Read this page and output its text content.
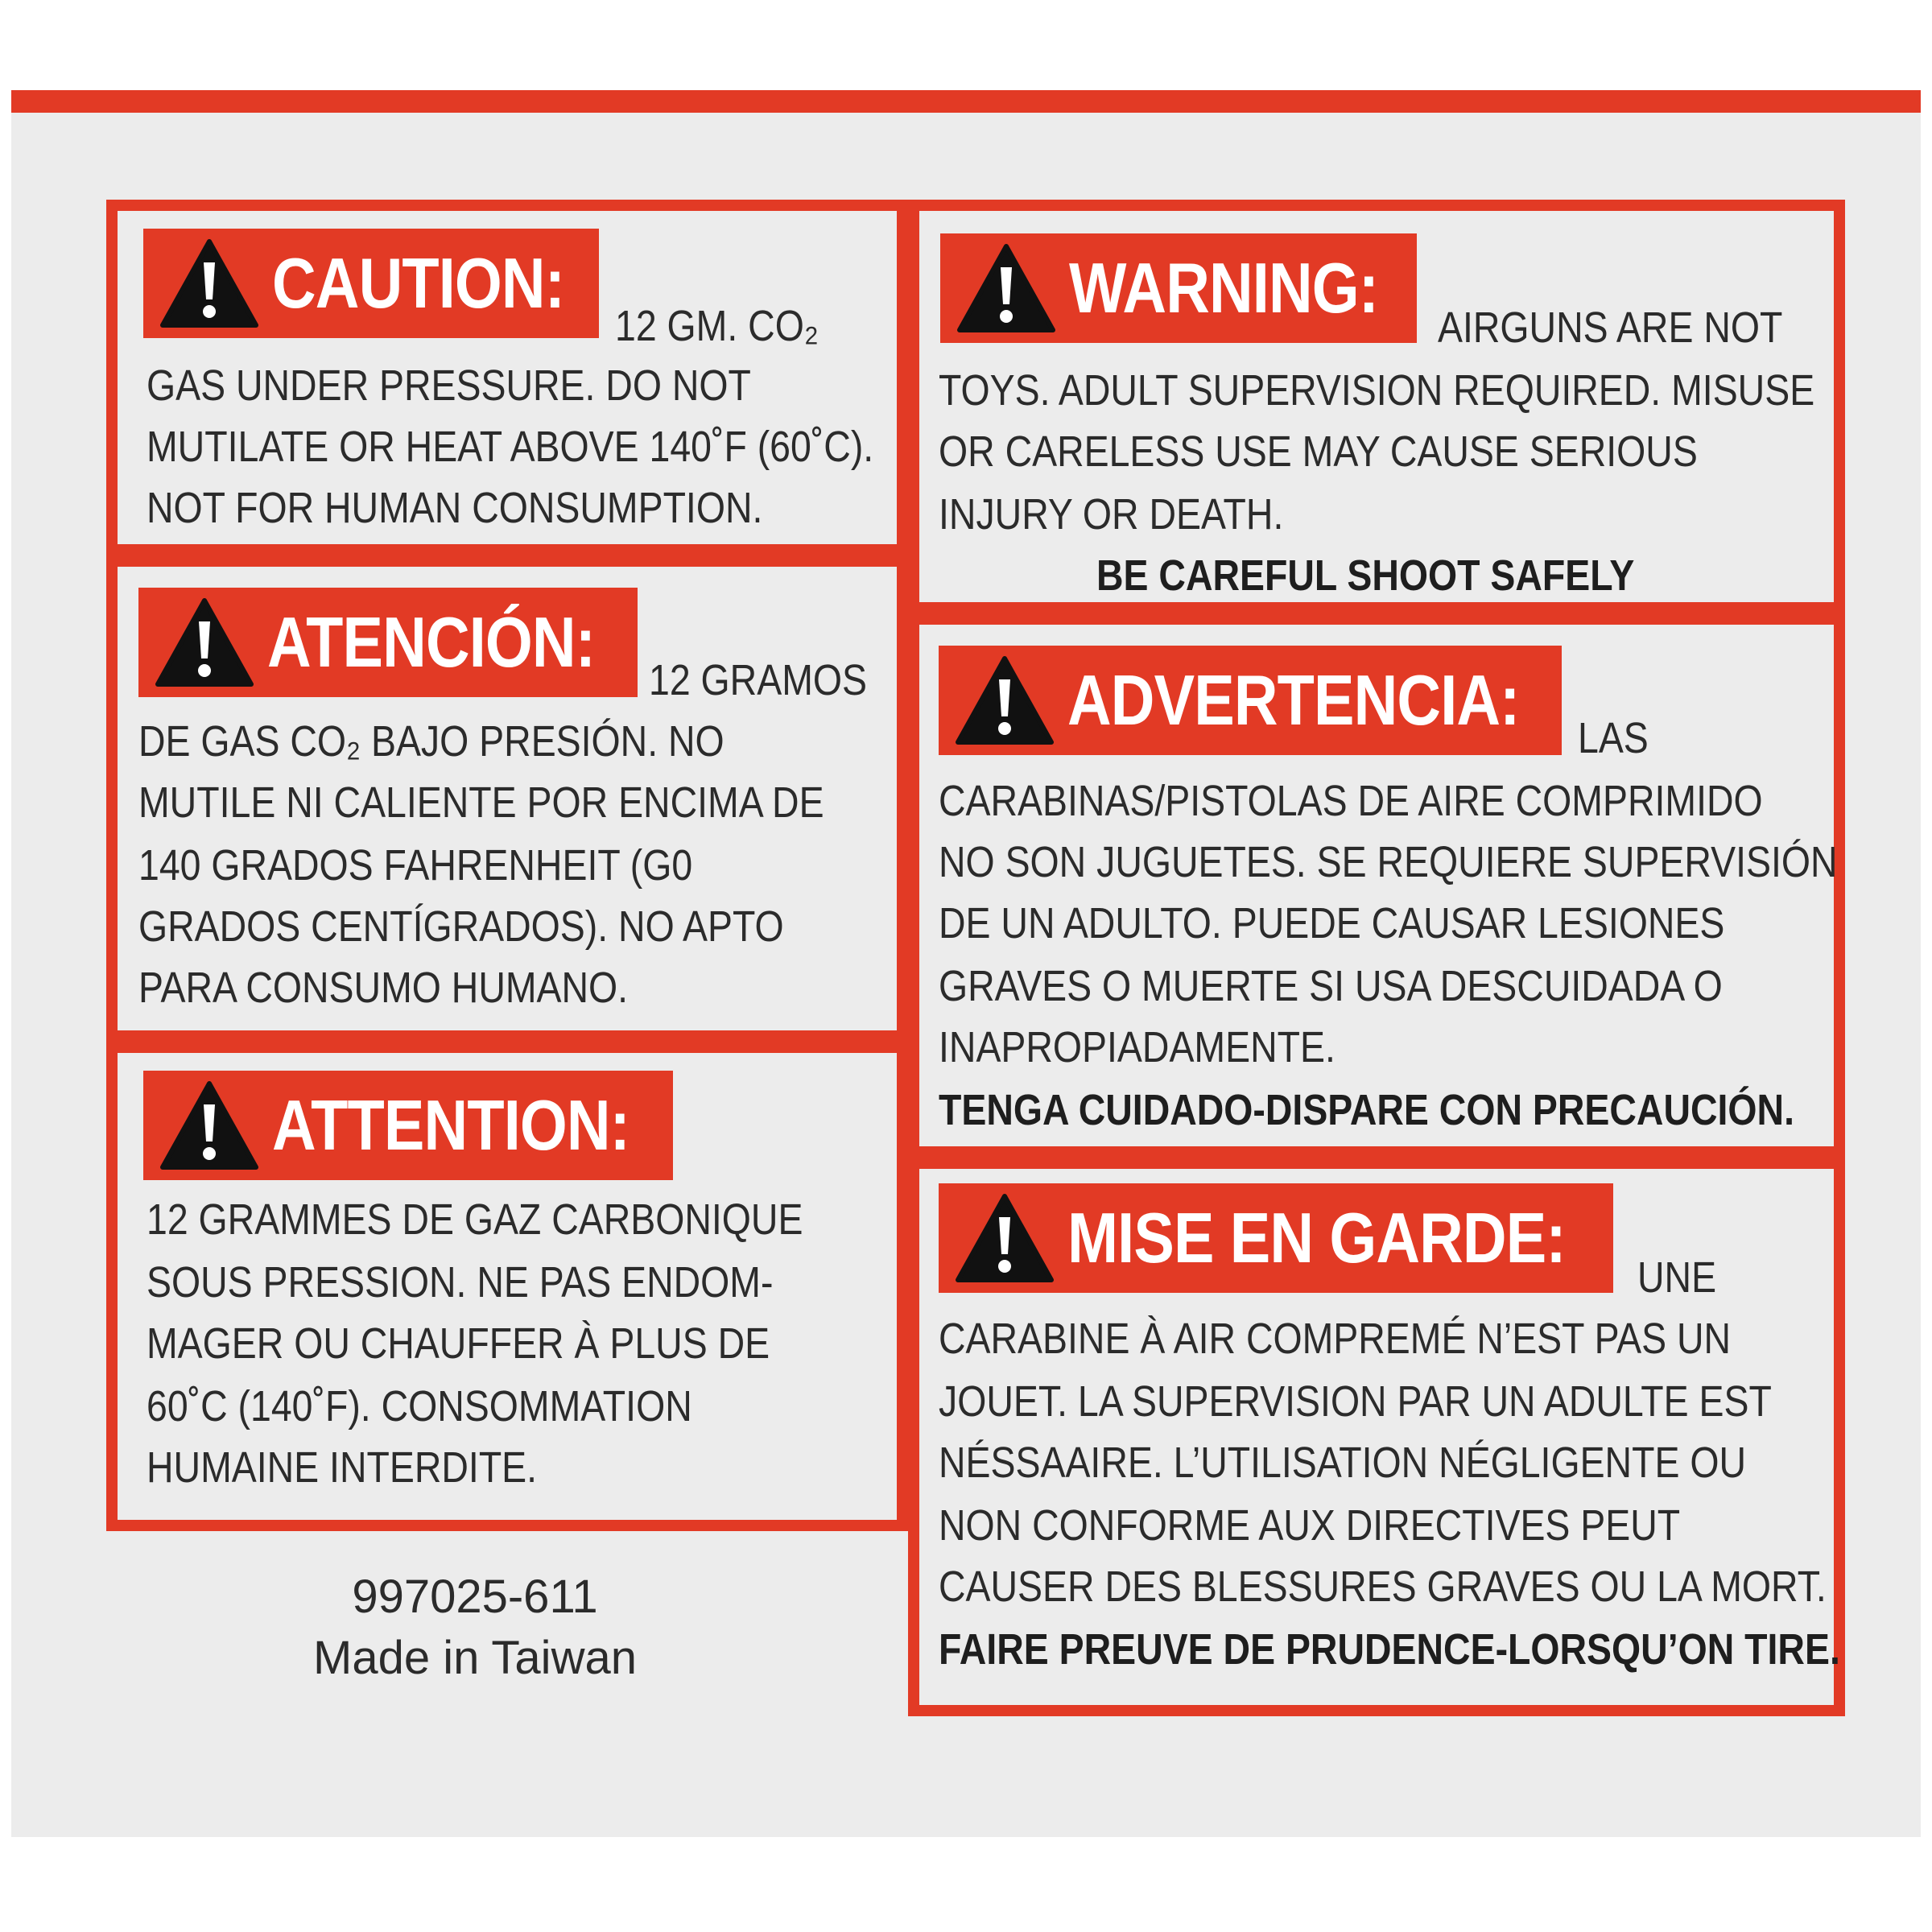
CAUTION:
12 GM. CO₂
GAS UNDER PRESSURE. DO NOT
MUTILATE OR HEAT ABOVE 140˚F (60˚C).
NOT FOR HUMAN CONSUMPTION.
ATENCIÓN: 12 GRAMOS
DE GAS CO₂ BAJO PRESIÓN. NO
MUTILE NI CALIENTE POR ENCIMA DE
140 GRADOS FAHRENHEIT (G0
GRADOS CENTÍGRADOS). NO APTO
PARA CONSUMO HUMANO.
ATTENTION:
12 GRAMMES DE GAZ CARBONIQUE
SOUS PRESSION. NE PAS ENDOM-
MAGER OU CHAUFFER À PLUS DE
60˚C (140˚F). CONSOMMATION
HUMAINE INTERDITE.
WARNING: AIRGUNS ARE NOT
TOYS. ADULT SUPERVISION REQUIRED. MISUSE
OR CARELESS USE MAY CAUSE SERIOUS
INJURY OR DEATH.
BE CAREFUL SHOOT SAFELY
ADVERTENCIA: LAS
CARABINAS/PISTOLAS DE AIRE COMPRIMIDO
NO SON JUGUETES. SE REQUIERE SUPERVISIÓN
DE UN ADULTO. PUEDE CAUSAR LESIONES
GRAVES O MUERTE SI USA DESCUIDADA O
INAPROPIADAMENTE.
TENGA CUIDADO-DISPARE CON PRECAUCIÓN.
MISE EN GARDE: UNE
CARABINE À AIR COMPREMÉ N’EST PAS UN
JOUET. LA SUPERVISION PAR UN ADULTE EST
NÉSSAAIRE. L’UTILISATION NÉGLIGENTE OU
NON CONFORME AUX DIRECTIVES PEUT
CAUSER DES BLESSURES GRAVES OU LA MORT.
FAIRE PREUVE DE PRUDENCE-LORSQU’ON TIRE.
997025-611
Made in Taiwan
